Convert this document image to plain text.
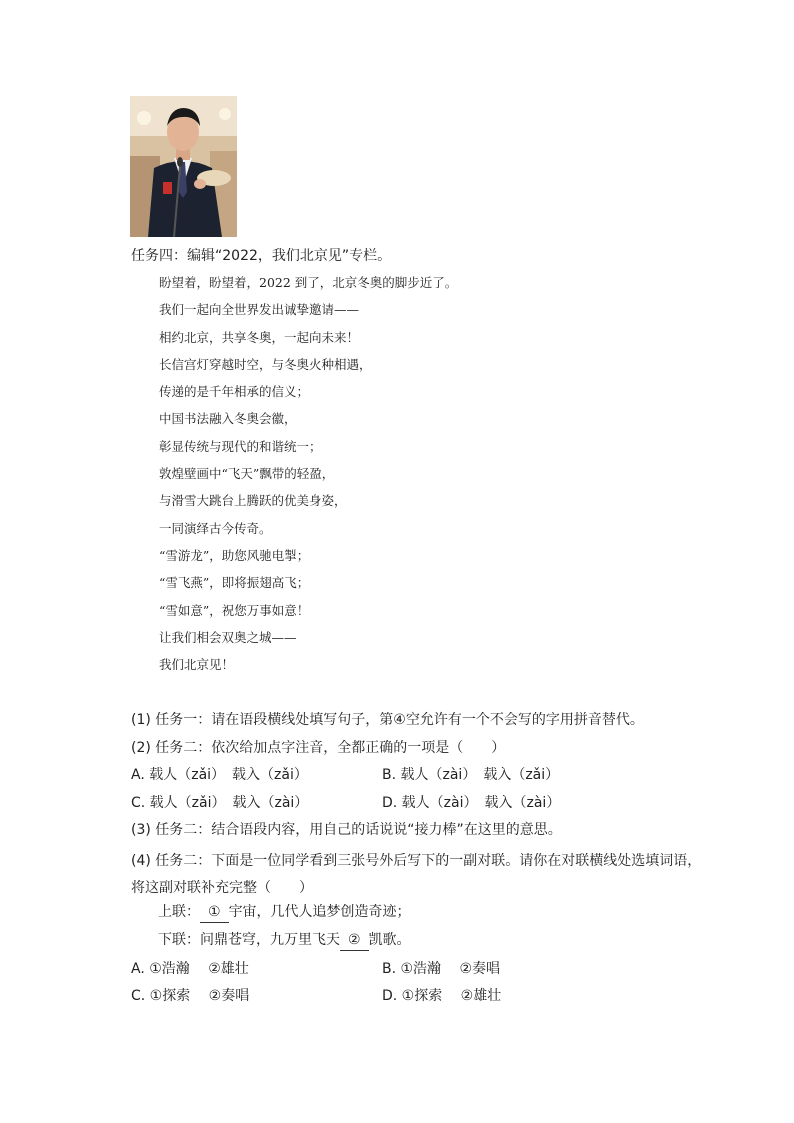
任务四：编辑“2022，我们北京见”专栏。
盼望着，盼望着，2022 到了，北京冬奥的脚步近了。
我们一起向全世界发出诚挚邀请——
相约北京，共享冬奥，一起向未来！
长信宫灯穿越时空，与冬奥火种相遇，
传递的是千年相承的信义；
中国书法融入冬奥会徽，
彰显传统与现代的和谐统一；
敦煌壁画中“飞天”飘带的轻盈，
与滑雪大跳台上腾跃的优美身姿，
一同演绎古今传奇。
“雪游龙”，助您风驰电掣；
“雪飞燕”，即将振翅高飞；
“雪如意”，祝您万事如意！
让我们相会双奥之城——
我们北京见！
(1) 任务一：请在语段横线处填写句子，第④空允许有一个不会写的字用拼音替代。
(2) 任务二：依次给加点字注音，全都正确的一项是（　　）
A. 载人（zǎi）　载入（zǎi）	B. 载人（zài）　载入（zǎi）
C. 载人（zǎi）　载入（zài）	D. 载人（zài）　载入（zài）
(3) 任务二：结合语段内容，用自己的话说说“接力棒”在这里的意思。
(4) 任务二：下面是一位同学看到三张号外后写下的一副对联。请你在对联横线处选填词语，将这副对联补充完整（　　）
上联： ① 宇宙，几代人追梦创造奇迹；
下联：问鼎苍穹，九万里飞天 ② 凯歌。
A. ①浩瀚　 ②雄壮	B. ①浩瀚　 ②奏唱
C. ①探索　 ②奏唱	D. ①探索　 ②雄壮
